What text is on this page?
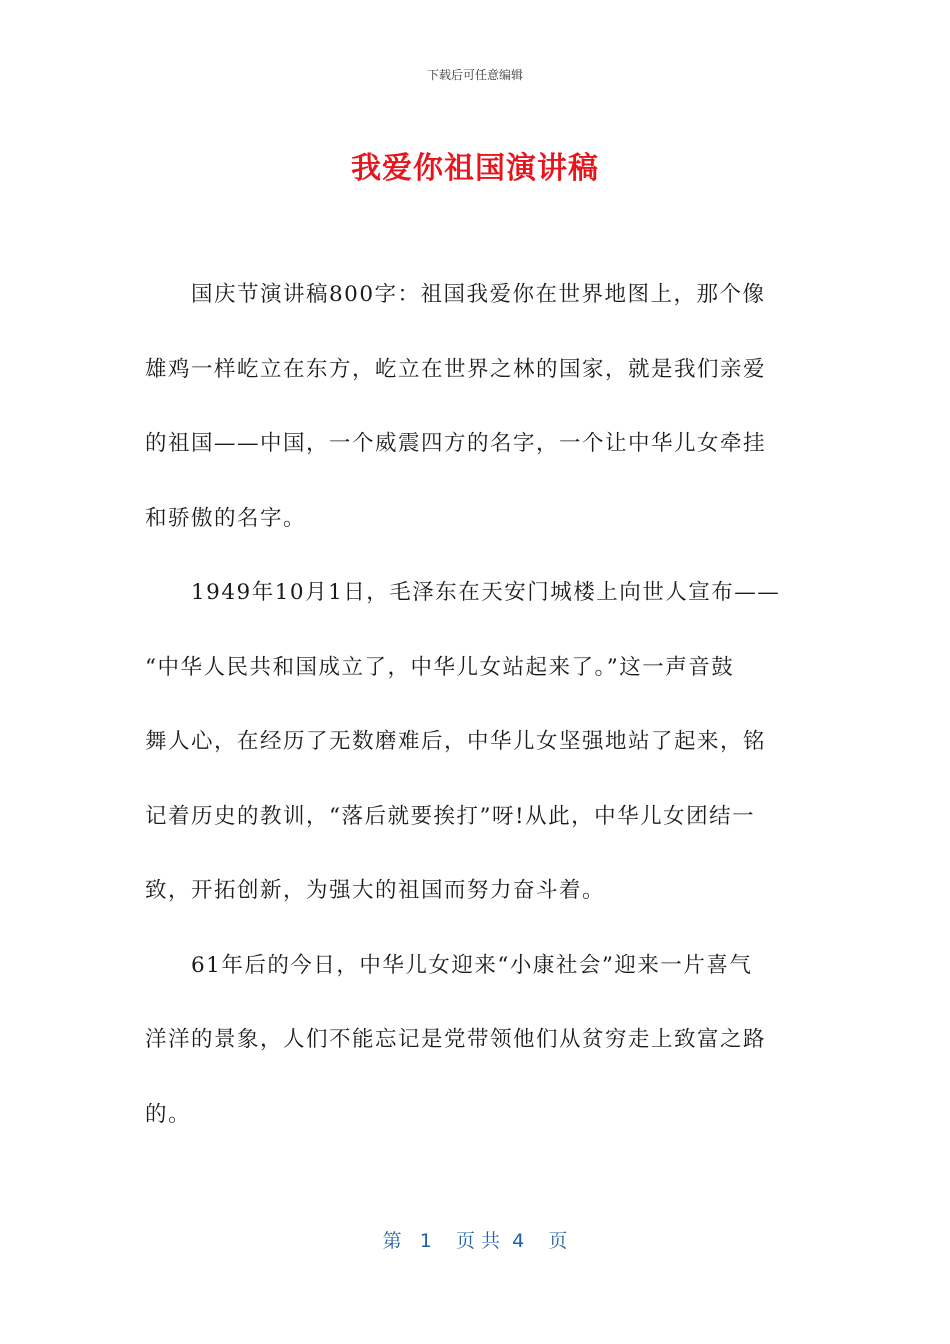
下载后可任意编辑
我爱你祖国演讲稿
国庆节演讲稿800字：祖国我爱你在世界地图上，那个像
雄鸡一样屹立在东方，屹立在世界之林的国家，就是我们亲爱
的祖国——中国，一个威震四方的名字，一个让中华儿女牵挂
和骄傲的名字。
1949年10月1日，毛泽东在天安门城楼上向世人宣布——
“中华人民共和国成立了，中华儿女站起来了。”这一声音鼓
舞人心，在经历了无数磨难后，中华儿女坚强地站了起来，铭
记着历史的教训，“落后就要挨打”呀!从此，中华儿女团结一
致，开拓创新，为强大的祖国而努力奋斗着。
61年后的今日，中华儿女迎来“小康社会”迎来一片喜气
洋洋的景象，人们不能忘记是党带领他们从贫穷走上致富之路
的。
第   1    页 共  4    页
